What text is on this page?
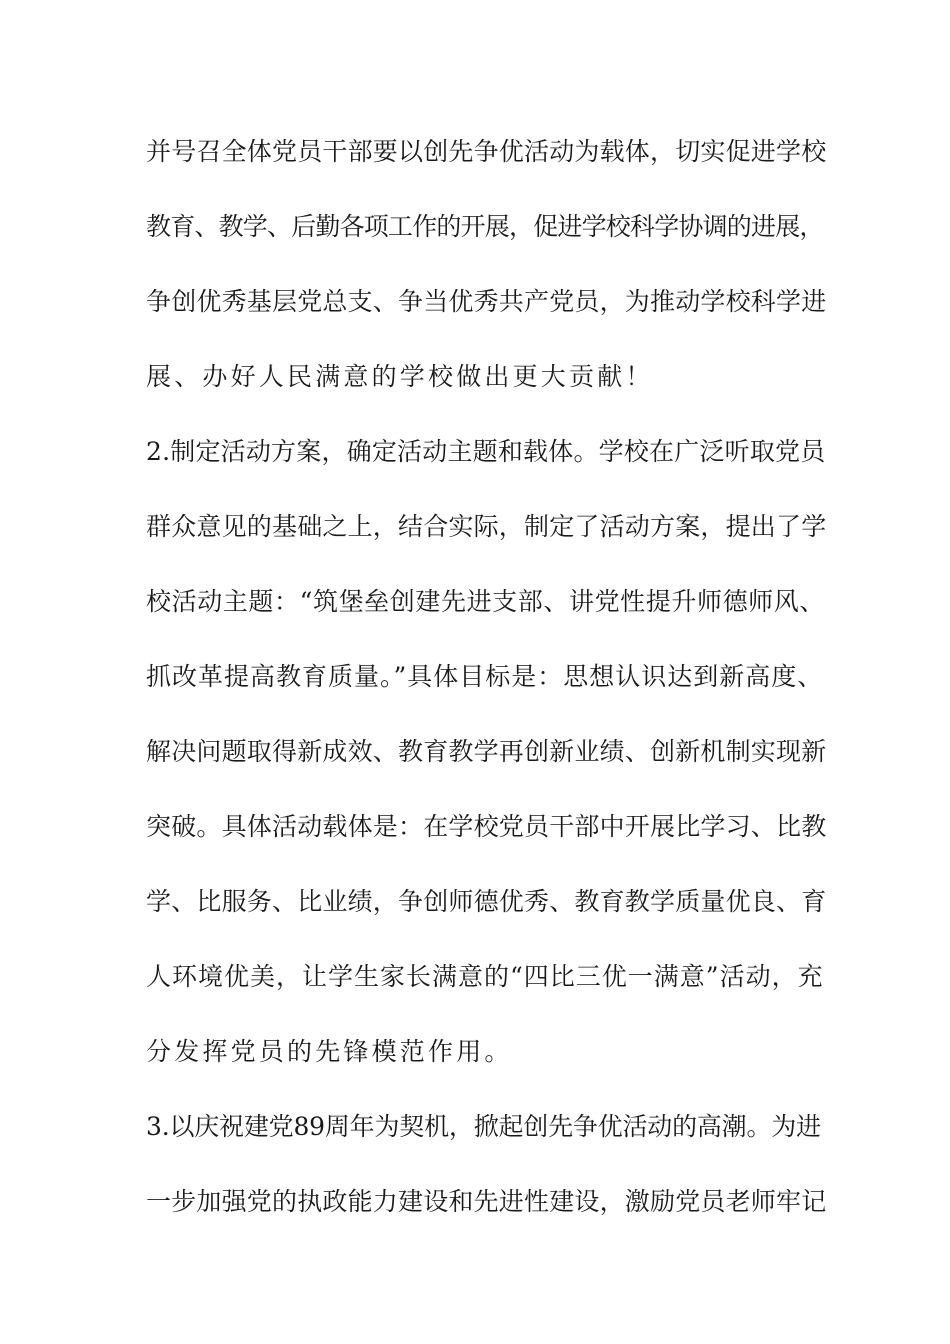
并号召全体党员干部要以创先争优活动为载体，切实促进学校
教育、教学、后勤各项工作的开展，促进学校科学协调的进展，
争创优秀基层党总支、争当优秀共产党员，为推动学校科学进
展、办好人民满意的学校做出更大贡献！
2.制定活动方案，确定活动主题和载体。学校在广泛听取党员
群众意见的基础之上，结合实际，制定了活动方案，提出了学
校活动主题：“筑堡垒创建先进支部、讲党性提升师德师风、
抓改革提高教育质量。”具体目标是：思想认识达到新高度、
解决问题取得新成效、教育教学再创新业绩、创新机制实现新
突破。具体活动载体是：在学校党员干部中开展比学习、比教
学、比服务、比业绩，争创师德优秀、教育教学质量优良、育
人环境优美，让学生家长满意的“四比三优一满意”活动，充
分发挥党员的先锋模范作用。
3.以庆祝建党89周年为契机，掀起创先争优活动的高潮。为进
一步加强党的执政能力建设和先进性建设，激励党员老师牢记
